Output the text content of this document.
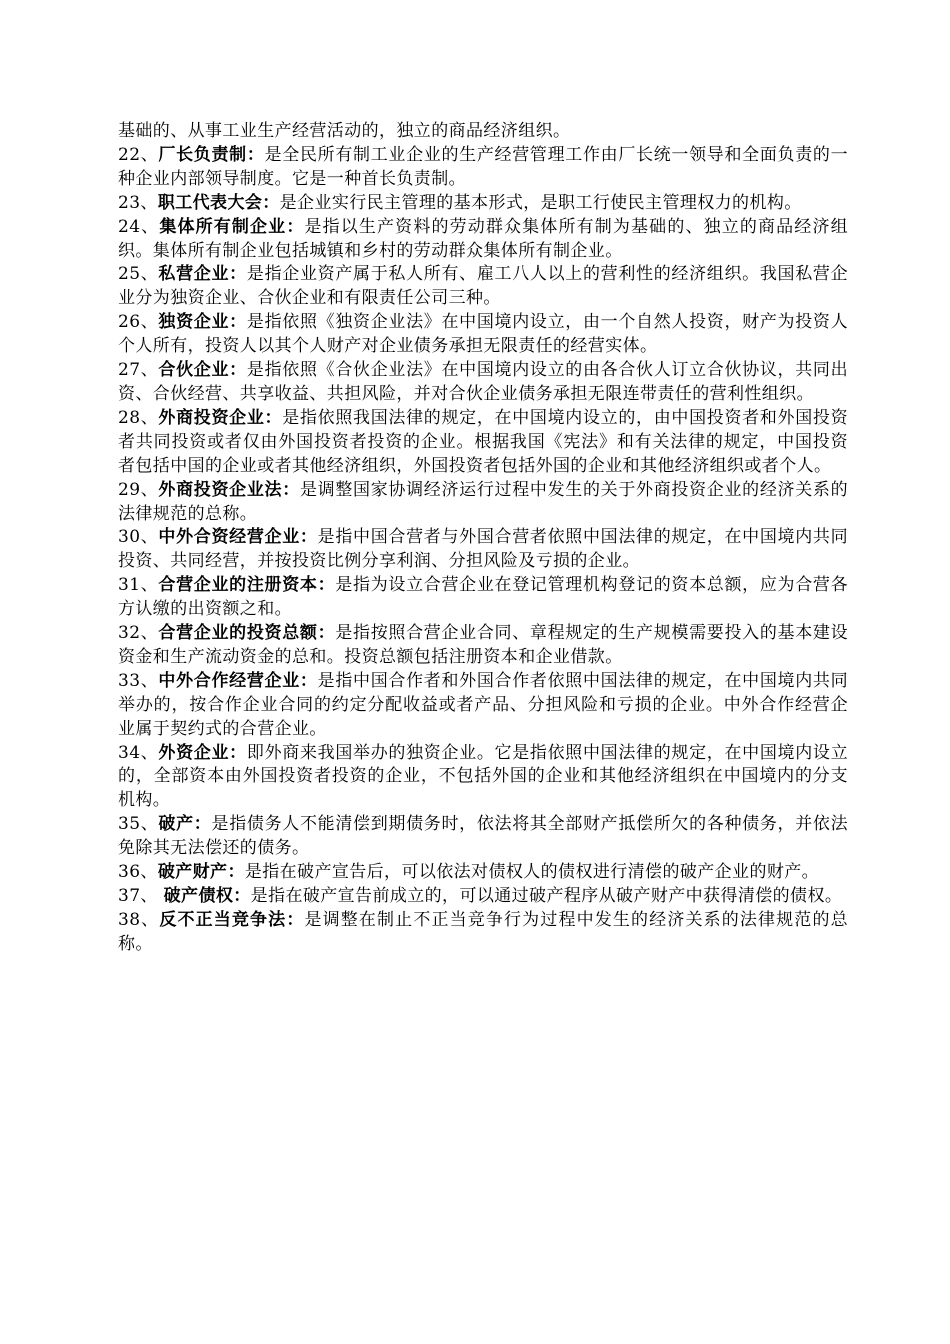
基础的、从事工业生产经营活动的，独立的商品经济组织。

22、厂长负责制：是全民所有制工业企业的生产经营管理工作由厂长统一领导和全面负责的一种企业内部领导制度。它是一种首长负责制。

23、职工代表大会：是企业实行民主管理的基本形式，是职工行使民主管理权力的机构。

24、集体所有制企业：是指以生产资料的劳动群众集体所有制为基础的、独立的商品经济组织。集体所有制企业包括城镇和乡村的劳动群众集体所有制企业。

25、私营企业：是指企业资产属于私人所有、雇工八人以上的营利性的经济组织。我国私营企业分为独资企业、合伙企业和有限责任公司三种。

26、独资企业：是指依照《独资企业法》在中国境内设立，由一个自然人投资，财产为投资人个人所有，投资人以其个人财产对企业债务承担无限责任的经营实体。

27、合伙企业：是指依照《合伙企业法》在中国境内设立的由各合伙人订立合伙协议，共同出资、合伙经营、共享收益、共担风险，并对合伙企业债务承担无限连带责任的营利性组织。

28、外商投资企业：是指依照我国法律的规定，在中国境内设立的，由中国投资者和外国投资者共同投资或者仅由外国投资者投资的企业。根据我国《宪法》和有关法律的规定，中国投资者包括中国的企业或者其他经济组织，外国投资者包括外国的企业和其他经济组织或者个人。

29、外商投资企业法：是调整国家协调经济运行过程中发生的关于外商投资企业的经济关系的法律规范的总称。

30、中外合资经营企业：是指中国合营者与外国合营者依照中国法律的规定，在中国境内共同投资、共同经营，并按投资比例分享利润、分担风险及亏损的企业。

31、合营企业的注册资本：是指为设立合营企业在登记管理机构登记的资本总额，应为合营各方认缴的出资额之和。

32、合营企业的投资总额：是指按照合营企业合同、章程规定的生产规模需要投入的基本建设资金和生产流动资金的总和。投资总额包括注册资本和企业借款。

33、中外合作经营企业：是指中国合作者和外国合作者依照中国法律的规定，在中国境内共同举办的，按合作企业合同的约定分配收益或者产品、分担风险和亏损的企业。中外合作经营企业属于契约式的合营企业。

34、外资企业：即外商来我国举办的独资企业。它是指依照中国法律的规定，在中国境内设立的，全部资本由外国投资者投资的企业，不包括外国的企业和其他经济组织在中国境内的分支机构。

35、破产：是指债务人不能清偿到期债务时，依法将其全部财产抵偿所欠的各种债务，并依法免除其无法偿还的债务。

36、破产财产：是指在破产宣告后，可以依法对债权人的债权进行清偿的破产企业的财产。

37、 破产债权：是指在破产宣告前成立的，可以通过破产程序从破产财产中获得清偿的债权。

38、反不正当竞争法：是调整在制止不正当竞争行为过程中发生的经济关系的法律规范的总称。
